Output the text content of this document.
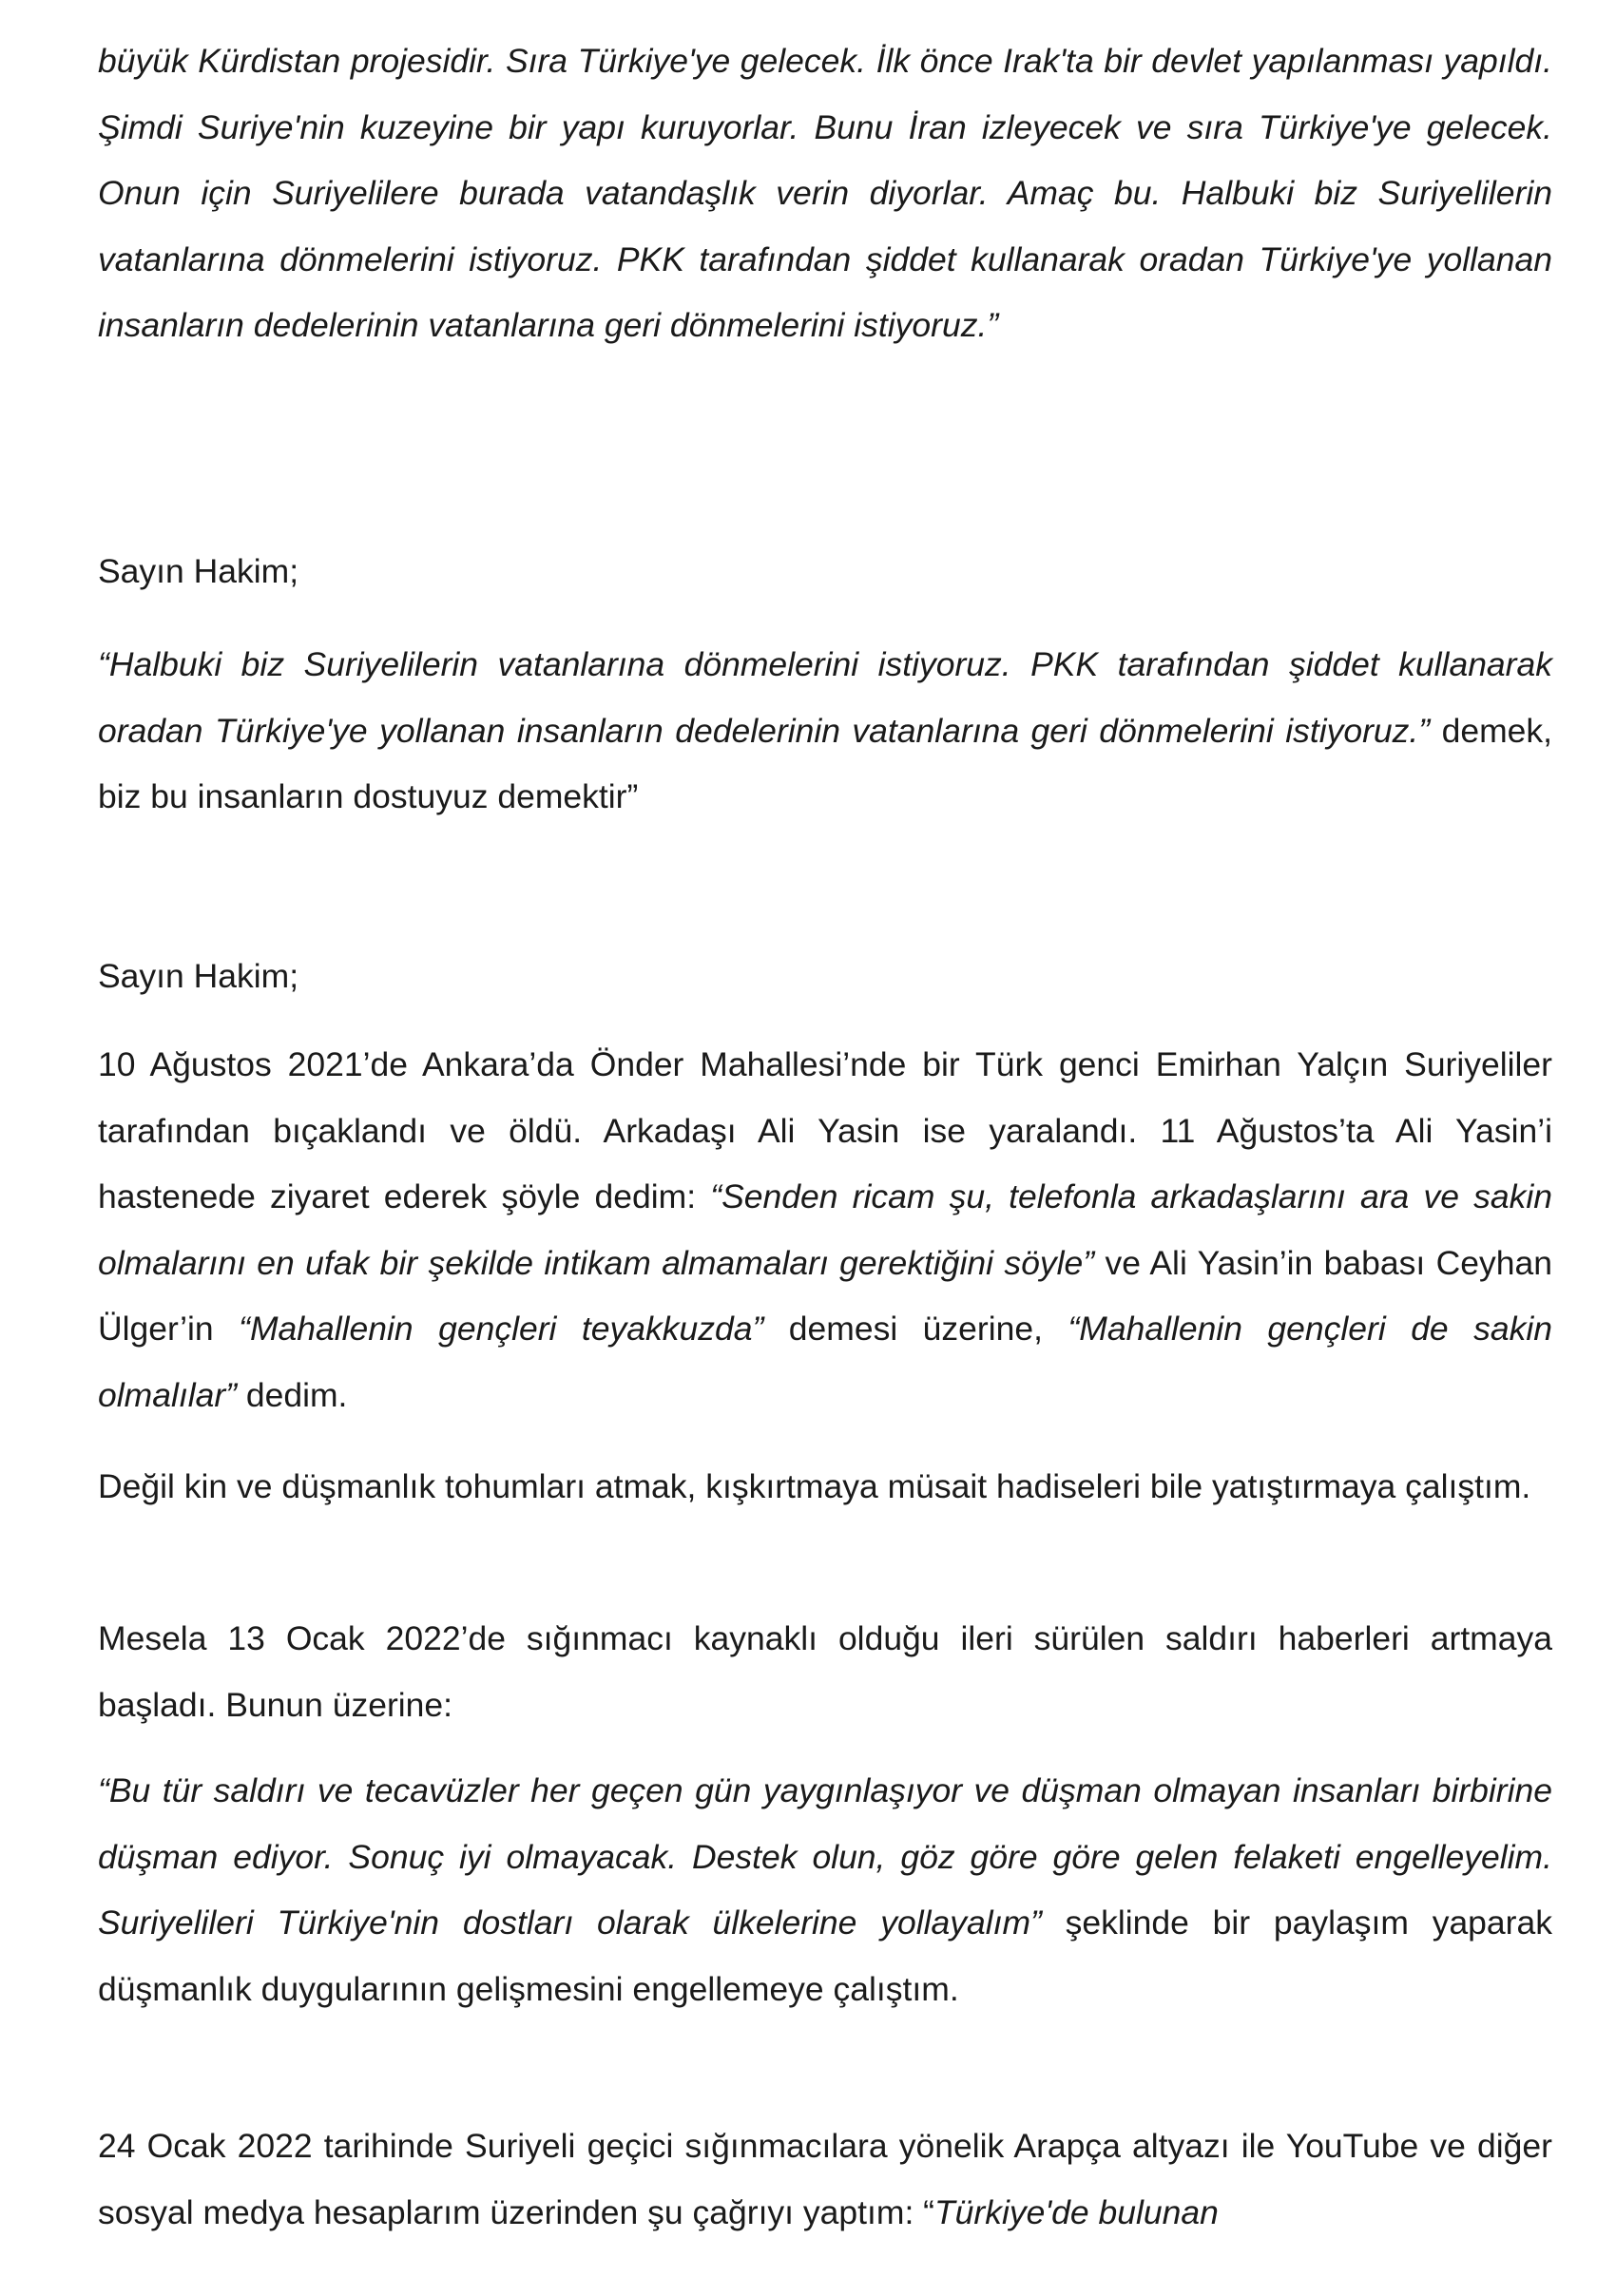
büyük Kürdistan projesidir. Sıra Türkiye'ye gelecek. İlk önce Irak'ta bir devlet yapılanması yapıldı. Şimdi Suriye'nin kuzeyine bir yapı kuruyorlar. Bunu İran izleyecek ve sıra Türkiye'ye gelecek. Onun için Suriyelilere burada vatandaşlık verin diyorlar. Amaç bu. Halbuki biz Suriyelilerin vatanlarına dönmelerini istiyoruz. PKK tarafından şiddet kullanarak oradan Türkiye'ye yollanan insanların dedelerinin vatanlarına geri dönmelerini istiyoruz.”

Sayın Hakim;

“Halbuki biz Suriyelilerin vatanlarına dönmelerini istiyoruz. PKK tarafından şiddet kullanarak oradan Türkiye'ye yollanan insanların dedelerinin vatanlarına geri dönmelerini istiyoruz.” demek, biz bu insanların dostuyuz demektir”

Sayın Hakim;

10 Ağustos 2021’de Ankara’da Önder Mahallesi’nde bir Türk genci Emirhan Yalçın Suriyeliler tarafından bıçaklandı ve öldü. Arkadaşı Ali Yasin ise yaralandı. 11 Ağustos’ta Ali Yasin’i hastenede ziyaret ederek şöyle dedim: “Senden ricam şu, telefonla arkadaşlarını ara ve sakin olmalarını en ufak bir şekilde intikam almamaları gerektiğini söyle” ve Ali Yasin’in babası Ceyhan Ülger’in “Mahallenin gençleri teyakkuzda” demesi üzerine, “Mahallenin gençleri de sakin olmalılar” dedim.

Değil kin ve düşmanlık tohumları atmak, kışkırtmaya müsait hadiseleri bile yatıştırmaya çalıştım.

Mesela 13 Ocak 2022’de sığınmacı kaynaklı olduğu ileri sürülen saldırı haberleri artmaya başladı. Bunun üzerine:

“Bu tür saldırı ve tecavüzler her geçen gün yaygınlaşıyor ve düşman olmayan insanları birbirine düşman ediyor. Sonuç iyi olmayacak. Destek olun, göz göre göre gelen felaketi engelleyelim. Suriyelileri Türkiye'nin dostları olarak ülkelerine yollayalım” şeklinde bir paylaşım yaparak düşmanlık duygularının gelişmesini engellemeye çalıştım.

24 Ocak 2022 tarihinde Suriyeli geçici sığınmacılara yönelik Arapça altyazı ile YouTube ve diğer sosyal medya hesaplarım üzerinden şu çağrıyı yaptım: “Türkiye'de bulunan
